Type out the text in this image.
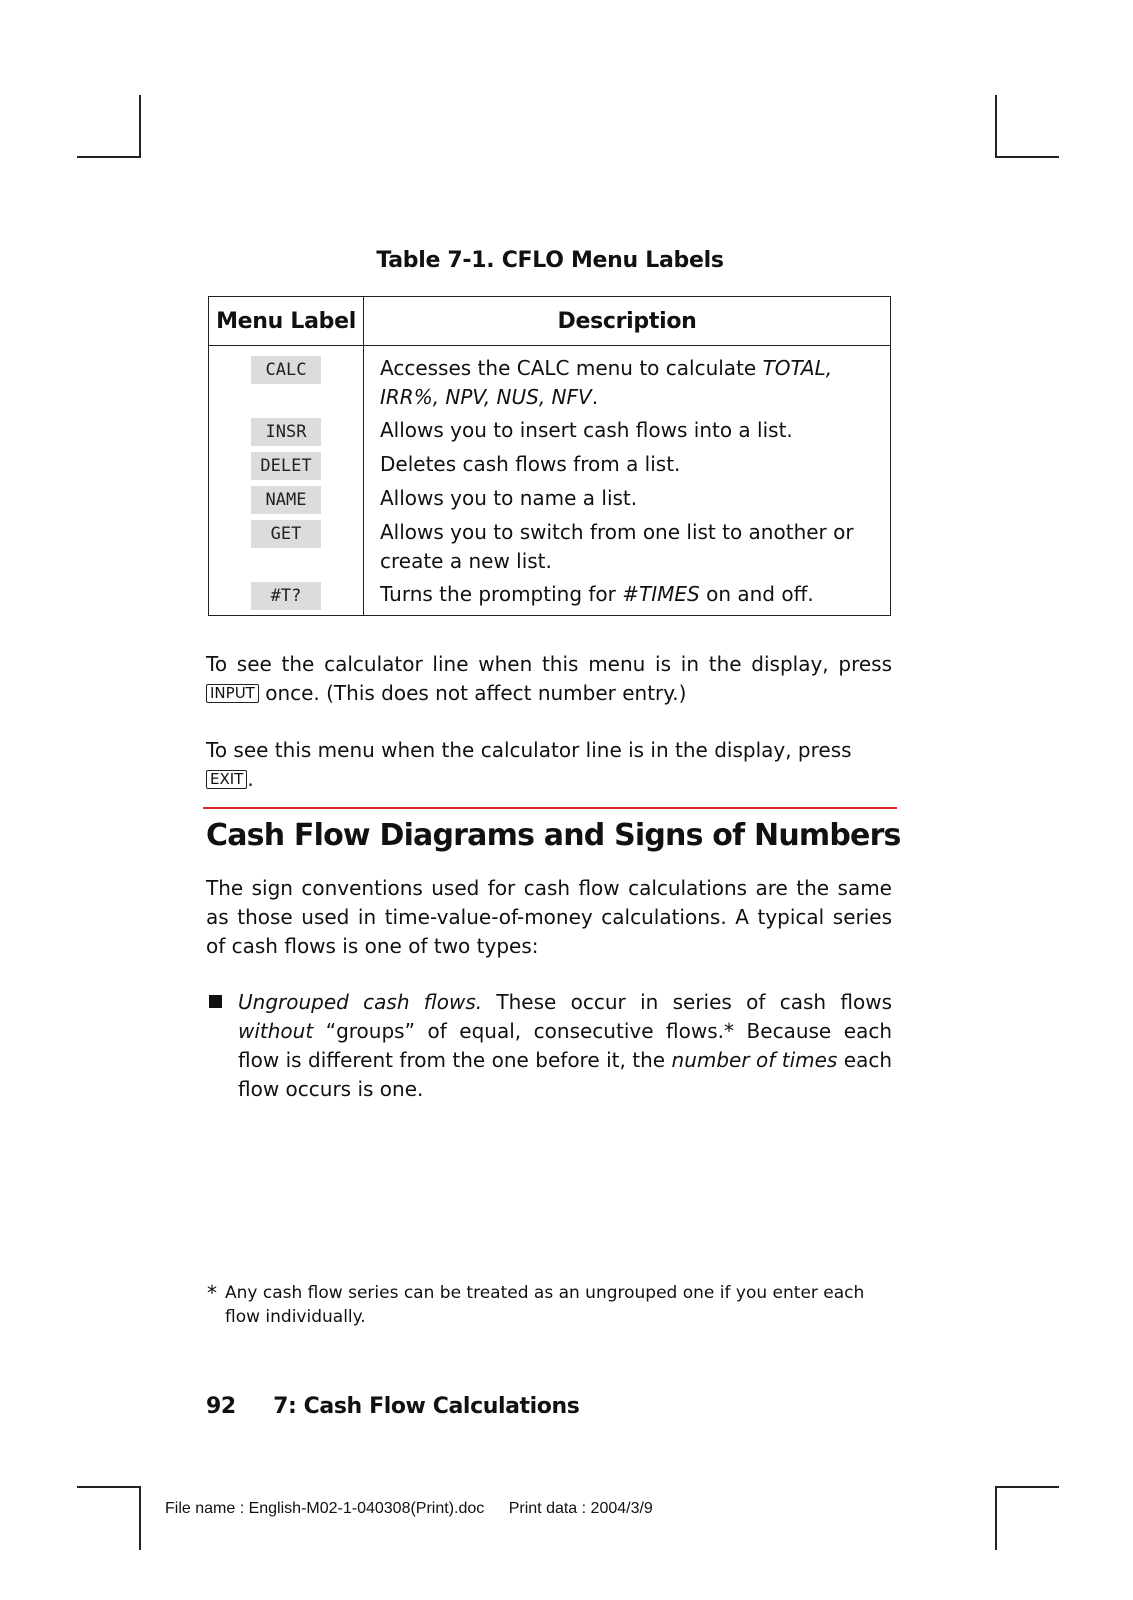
Table 7-1. CFLO Menu Labels
Menu Label	Description
CALC	Accesses the CALC menu to calculate TOTAL, IRR%, NPV, NUS, NFV.
INSR	Allows you to insert cash flows into a list.
DELET	Deletes cash flows from a list.
NAME	Allows you to name a list.
GET	Allows you to switch from one list to another or create a new list.
#T?	Turns the prompting for #TIMES on and off.
To see the calculator line when this menu is in the display, press INPUT once. (This does not affect number entry.)
To see this menu when the calculator line is in the display, press EXIT .
Cash Flow Diagrams and Signs of Numbers
The sign conventions used for cash flow calculations are the same as those used in time-value-of-money calculations. A typical series of cash flows is one of two types:
Ungrouped cash flows. These occur in series of cash flows without “groups” of equal, consecutive flows.* Because each flow is different from the one before it, the number of times each flow occurs is one.
* Any cash flow series can be treated as an ungrouped one if you enter each flow individually.
92 7: Cash Flow Calculations
File name : English-M02-1-040308(Print).doc Print data : 2004/3/9
